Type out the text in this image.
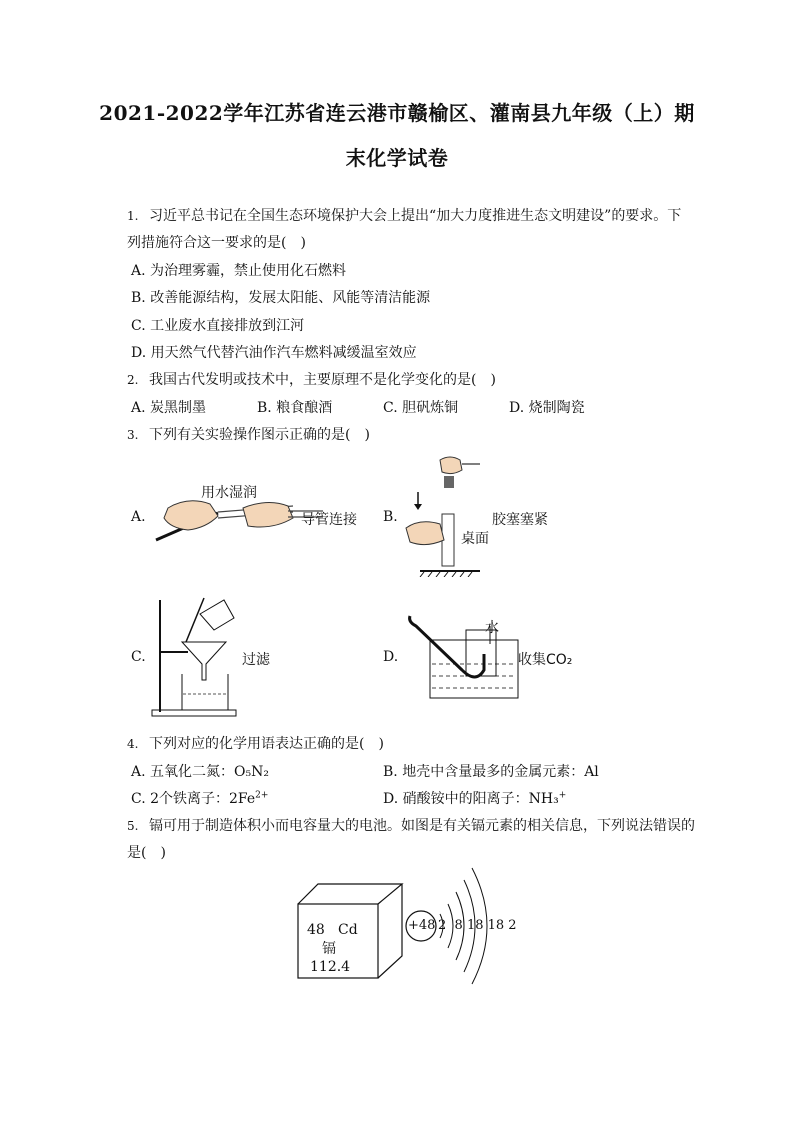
2021-2022学年江苏省连云港市赣榆区、灌南县九年级（上）期
末化学试卷
1. 习近平总书记在全国生态环境保护大会上提出“加大力度推进生态文明建设”的要求。下
列措施符合这一要求的是(　)
A. 为治理雾霾，禁止使用化石燃料
B. 改善能源结构，发展太阳能、风能等清洁能源
C. 工业废水直接排放到江河
D. 用天然气代替汽油作汽车燃料减缓温室效应
2. 我国古代发明或技术中，主要原理不是化学变化的是(　)
A. 炭黑制墨	B. 粮食酿酒	C. 胆矾炼铜	D. 烧制陶瓷
3. 下列有关实验操作图示正确的是(　)
A.
用水湿润
导管连接 B.	胶塞塞紧
桌面
C.	过滤	D.
水
收集CO₂
4. 下列对应的化学用语表达正确的是(　)
A. 五氧化二氮：O₅N₂	B. 地壳中含量最多的金属元素：Al
C. 2个铁离子：$2Fe^{2+}$	D. 硝酸铵中的阳离子：NH₃+
5. 镉可用于制造体积小而电容量大的电池。如图是有关镉元素的相关信息，下列说法错误的
是(　)
48 Cd
镉
112.4
+48 2  8 18 18 2
